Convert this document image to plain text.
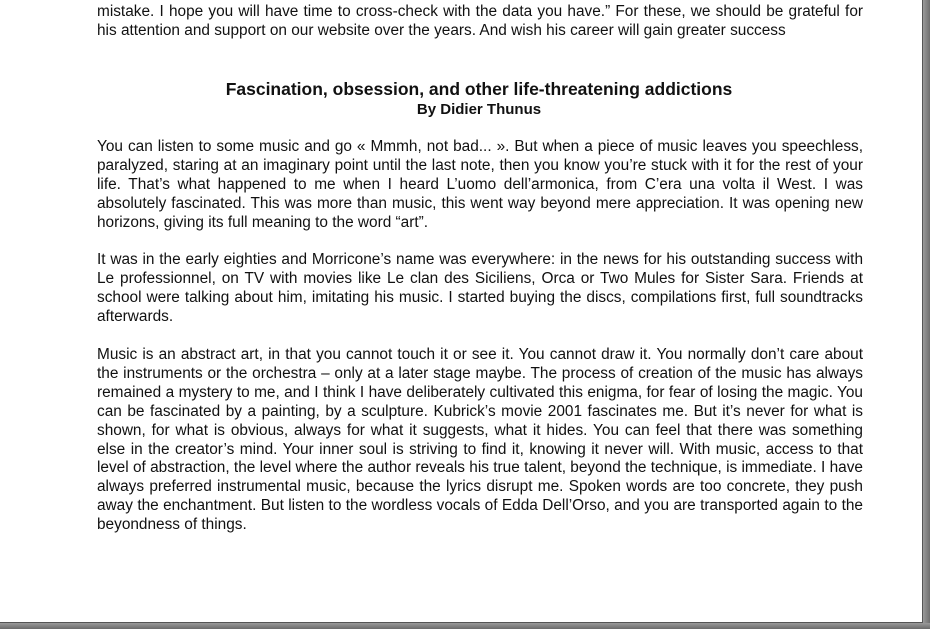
mistake. I hope you will have time to cross-check with the data you have.” For these, we should be grateful for his attention and support on our website over the years. And wish his career will gain greater success

Fascination, obsession, and other life-threatening addictions
By Didier Thunus

You can listen to some music and go « Mmmh, not bad... ». But when a piece of music leaves you speechless, paralyzed, staring at an imaginary point until the last note, then you know you’re stuck with it for the rest of your life. That’s what happened to me when I heard L’uomo dell’armonica, from C’era una volta il West. I was absolutely fascinated. This was more than music, this went way beyond mere appreciation. It was opening new horizons, giving its full meaning to the word “art”.

It was in the early eighties and Morricone’s name was everywhere: in the news for his outstanding success with Le professionnel, on TV with movies like Le clan des Siciliens, Orca or Two Mules for Sister Sara. Friends at school were talking about him, imitating his music. I started buying the discs, compilations first, full soundtracks afterwards.

Music is an abstract art, in that you cannot touch it or see it. You cannot draw it. You normally don’t care about the instruments or the orchestra – only at a later stage maybe. The process of creation of the music has always remained a mystery to me, and I think I have deliberately cultivated this enigma, for fear of losing the magic. You can be fascinated by a painting, by a sculpture. Kubrick’s movie 2001 fascinates me. But it’s never for what is shown, for what is obvious, always for what it suggests, what it hides. You can feel that there was something else in the creator’s mind. Your inner soul is striving to find it, knowing it never will. With music, access to that level of abstraction, the level where the author reveals his true talent, beyond the technique, is immediate. I have always preferred instrumental music, because the lyrics disrupt me. Spoken words are too concrete, they push away the enchantment. But listen to the wordless vocals of Edda Dell’Orso, and you are transported again to the beyondness of things.
